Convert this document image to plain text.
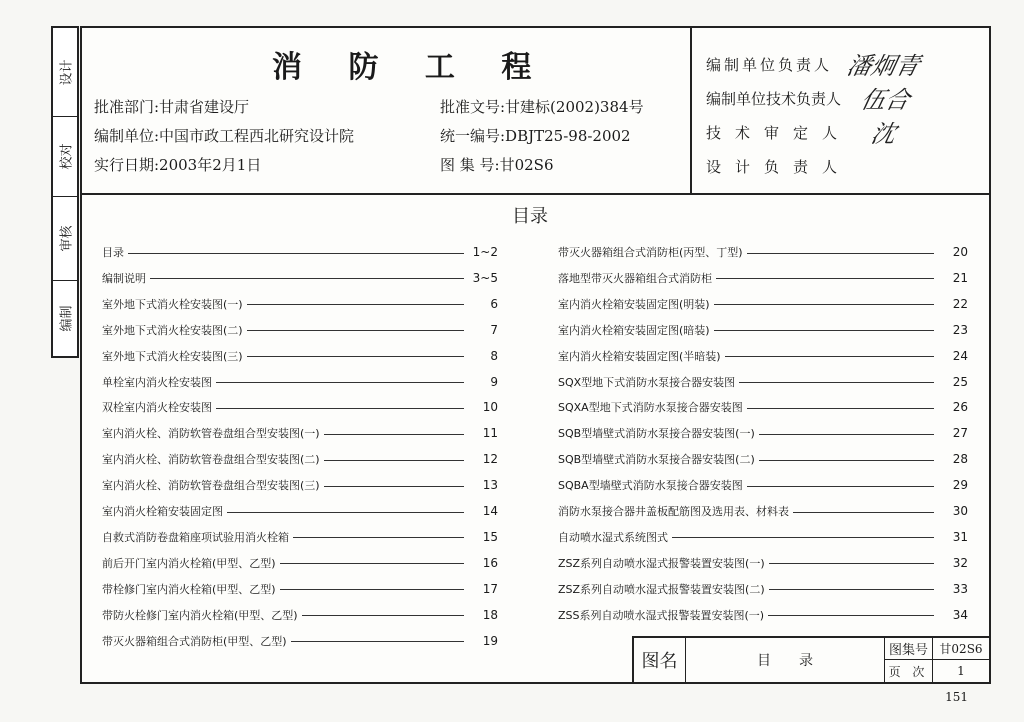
设计
校对
审核
编制
消 防 工 程
批准部门:甘肃省建设厅
编制单位:中国市政工程西北研究设计院
实行日期:2003年2月1日
批准文号:甘建标(2002)384号
统一编号:DBJT25-98-2002
图 集 号:甘02S6
编制单位负责人 潘炯青
编制单位技术负责人 伍合
技术审定人 沈
设计负责人
目录
目录	1~2
编制说明	3~5
室外地下式消火栓安装图(一)	6
室外地下式消火栓安装图(二)	7
室外地下式消火栓安装图(三)	8
单栓室内消火栓安装图	9
双栓室内消火栓安装图	10
室内消火栓、消防软管卷盘组合型安装图(一)	11
室内消火栓、消防软管卷盘组合型安装图(二)	12
室内消火栓、消防软管卷盘组合型安装图(三)	13
室内消火栓箱安装固定图	14
自救式消防卷盘箱座项试验用消火栓箱	15
前后开门室内消火栓箱(甲型、乙型)	16
带栓修门室内消火栓箱(甲型、乙型)	17
带防火栓修门室内消火栓箱(甲型、乙型)	18
带灭火器箱组合式消防柜(甲型、乙型)	19
带灭火器箱组合式消防柜(丙型、丁型)	20
落地型带灭火器箱组合式消防柜	21
室内消火栓箱安装固定图(明装)	22
室内消火栓箱安装固定图(暗装)	23
室内消火栓箱安装固定图(半暗装)	24
SQX型地下式消防水泵接合器安装图	25
SQXA型地下式消防水泵接合器安装图	26
SQB型墙壁式消防水泵接合器安装图(一)	27
SQB型墙壁式消防水泵接合器安装图(二)	28
SQBA型墙壁式消防水泵接合器安装图	29
消防水泵接合器井盖板配筋图及选用表、材料表	30
自动喷水湿式系统图式	31
ZSZ系列自动喷水湿式报警装置安装图(一)	32
ZSZ系列自动喷水湿式报警装置安装图(二)	33
ZSS系列自动喷水湿式报警装置安装图(一)	34
图名	目　　录
图集号 甘02S6
页 次	1
151
